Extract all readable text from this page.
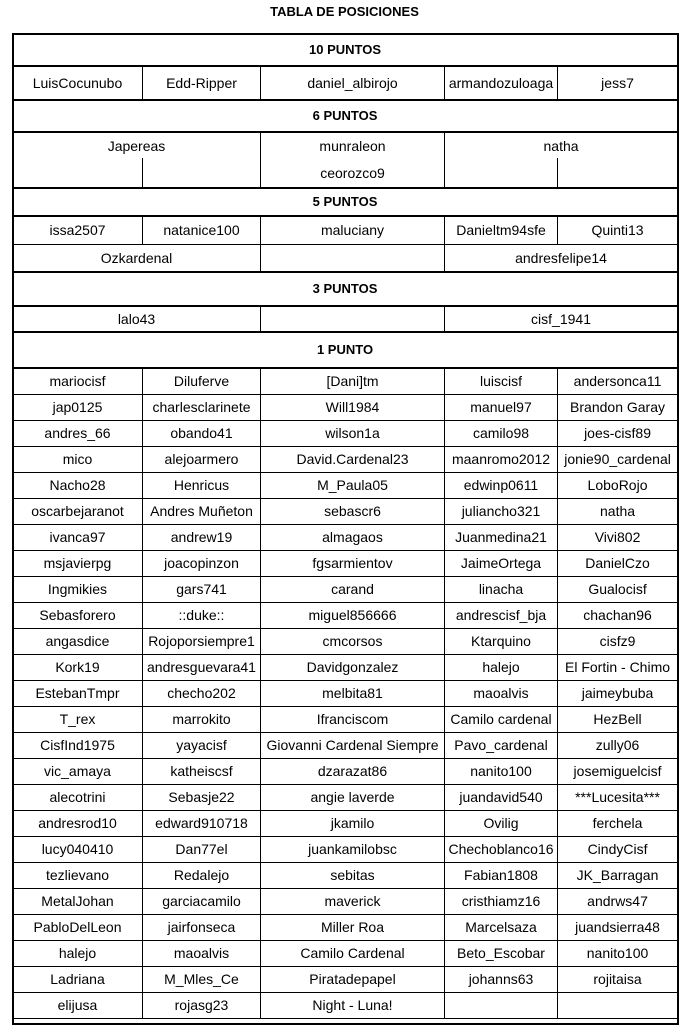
TABLA DE POSICIONES
10 PUNTOS				
LuisCocunubo	Edd-Ripper	daniel_albirojo	armandozuloaga	jess7
6 PUNTOS				
Japereas		munraleon	natha	
		ceorozco9		
5 PUNTOS				
issa2507	natanice100	maluciany	Danieltm94sfe	Quinti13
Ozkardenal			andresfelipe14	
3 PUNTOS				
lalo43			cisf_1941	
1 PUNTO				
mariocisf	Diluferve	[Dani]tm	luiscisf	andersonca11
jap0125	charlesclarinete	Will1984	manuel97	Brandon Garay
andres_66	obando41	wilson1a	camilo98	joes-cisf89
mico	alejoarmero	David.Cardenal23	maanromo2012	jonie90_cardenal
Nacho28	Henricus	M_Paula05	edwinp0611	LoboRojo
oscarbejaranot	Andres Muñeton	sebascr6	juliancho321	natha
ivanca97	andrew19	almagaos	Juanmedina21	Vivi802
msjavierpg	joacopinzon	fgsarmientov	JaimeOrtega	DanielCzo
Ingmikies	gars741	carand	linacha	Gualocisf
Sebasforero	::duke::	miguel856666	andrescisf_bja	chachan96
angasdice	Rojoporsiempre1	cmcorsos	Ktarquino	cisfz9
Kork19	andresguevara41	Davidgonzalez	halejo	El Fortin - Chimo
EstebanTmpr	checho202	melbita81	maoalvis	jaimeybuba
T_rex	marrokito	Ifranciscom	Camilo cardenal	HezBell
CisfInd1975	yayacisf	Giovanni Cardenal Siempre	Pavo_cardenal	zully06
vic_amaya	katheiscsf	dzarazat86	nanito100	josemiguelcisf
alecotrini	Sebasje22	angie laverde	juandavid540	***Lucesita***
andresrod10	edward910718	jkamilo	Ovilig	ferchela
lucy040410	Dan77el	juankamilobsc	Chechoblanco16	CindyCisf
tezlievano	Redalejo	sebitas	Fabian1808	JK_Barragan
MetalJohan	garciacamilo	maverick	cristhiamz16	andrws47
PabloDelLeon	jairfonseca	Miller Roa	Marcelsaza	juandsierra48
halejo	maoalvis	Camilo Cardenal	Beto_Escobar	nanito100
Ladriana	M_Mles_Ce	Piratadepapel	johanns63	rojitaisa
elijusa	rojasg23	Night - Luna!		
